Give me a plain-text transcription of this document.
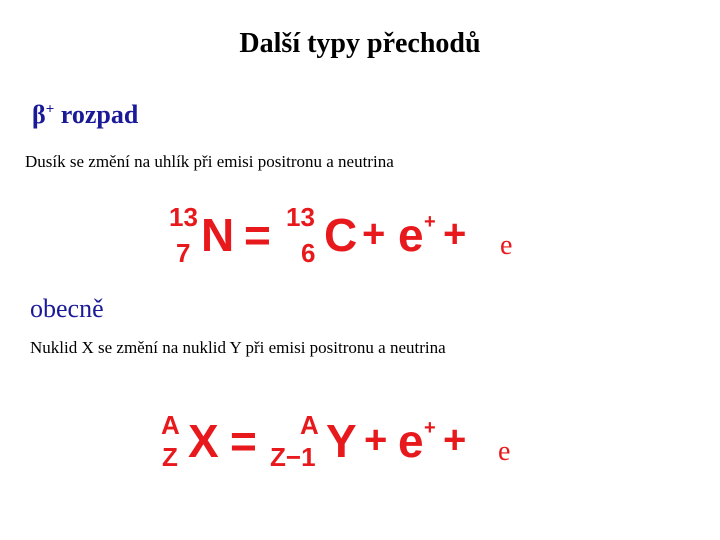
Další typy přechodů
β+ rozpad
Dusík se změní na uhlík při emisi positronu a neutrina
13
7 N = 13
6 C + e + + e
obecně
Nuklid X se změní na nuklid Y při emisi positronu a neutrina
A
Z X = A
Z−1 Y + e + + e
